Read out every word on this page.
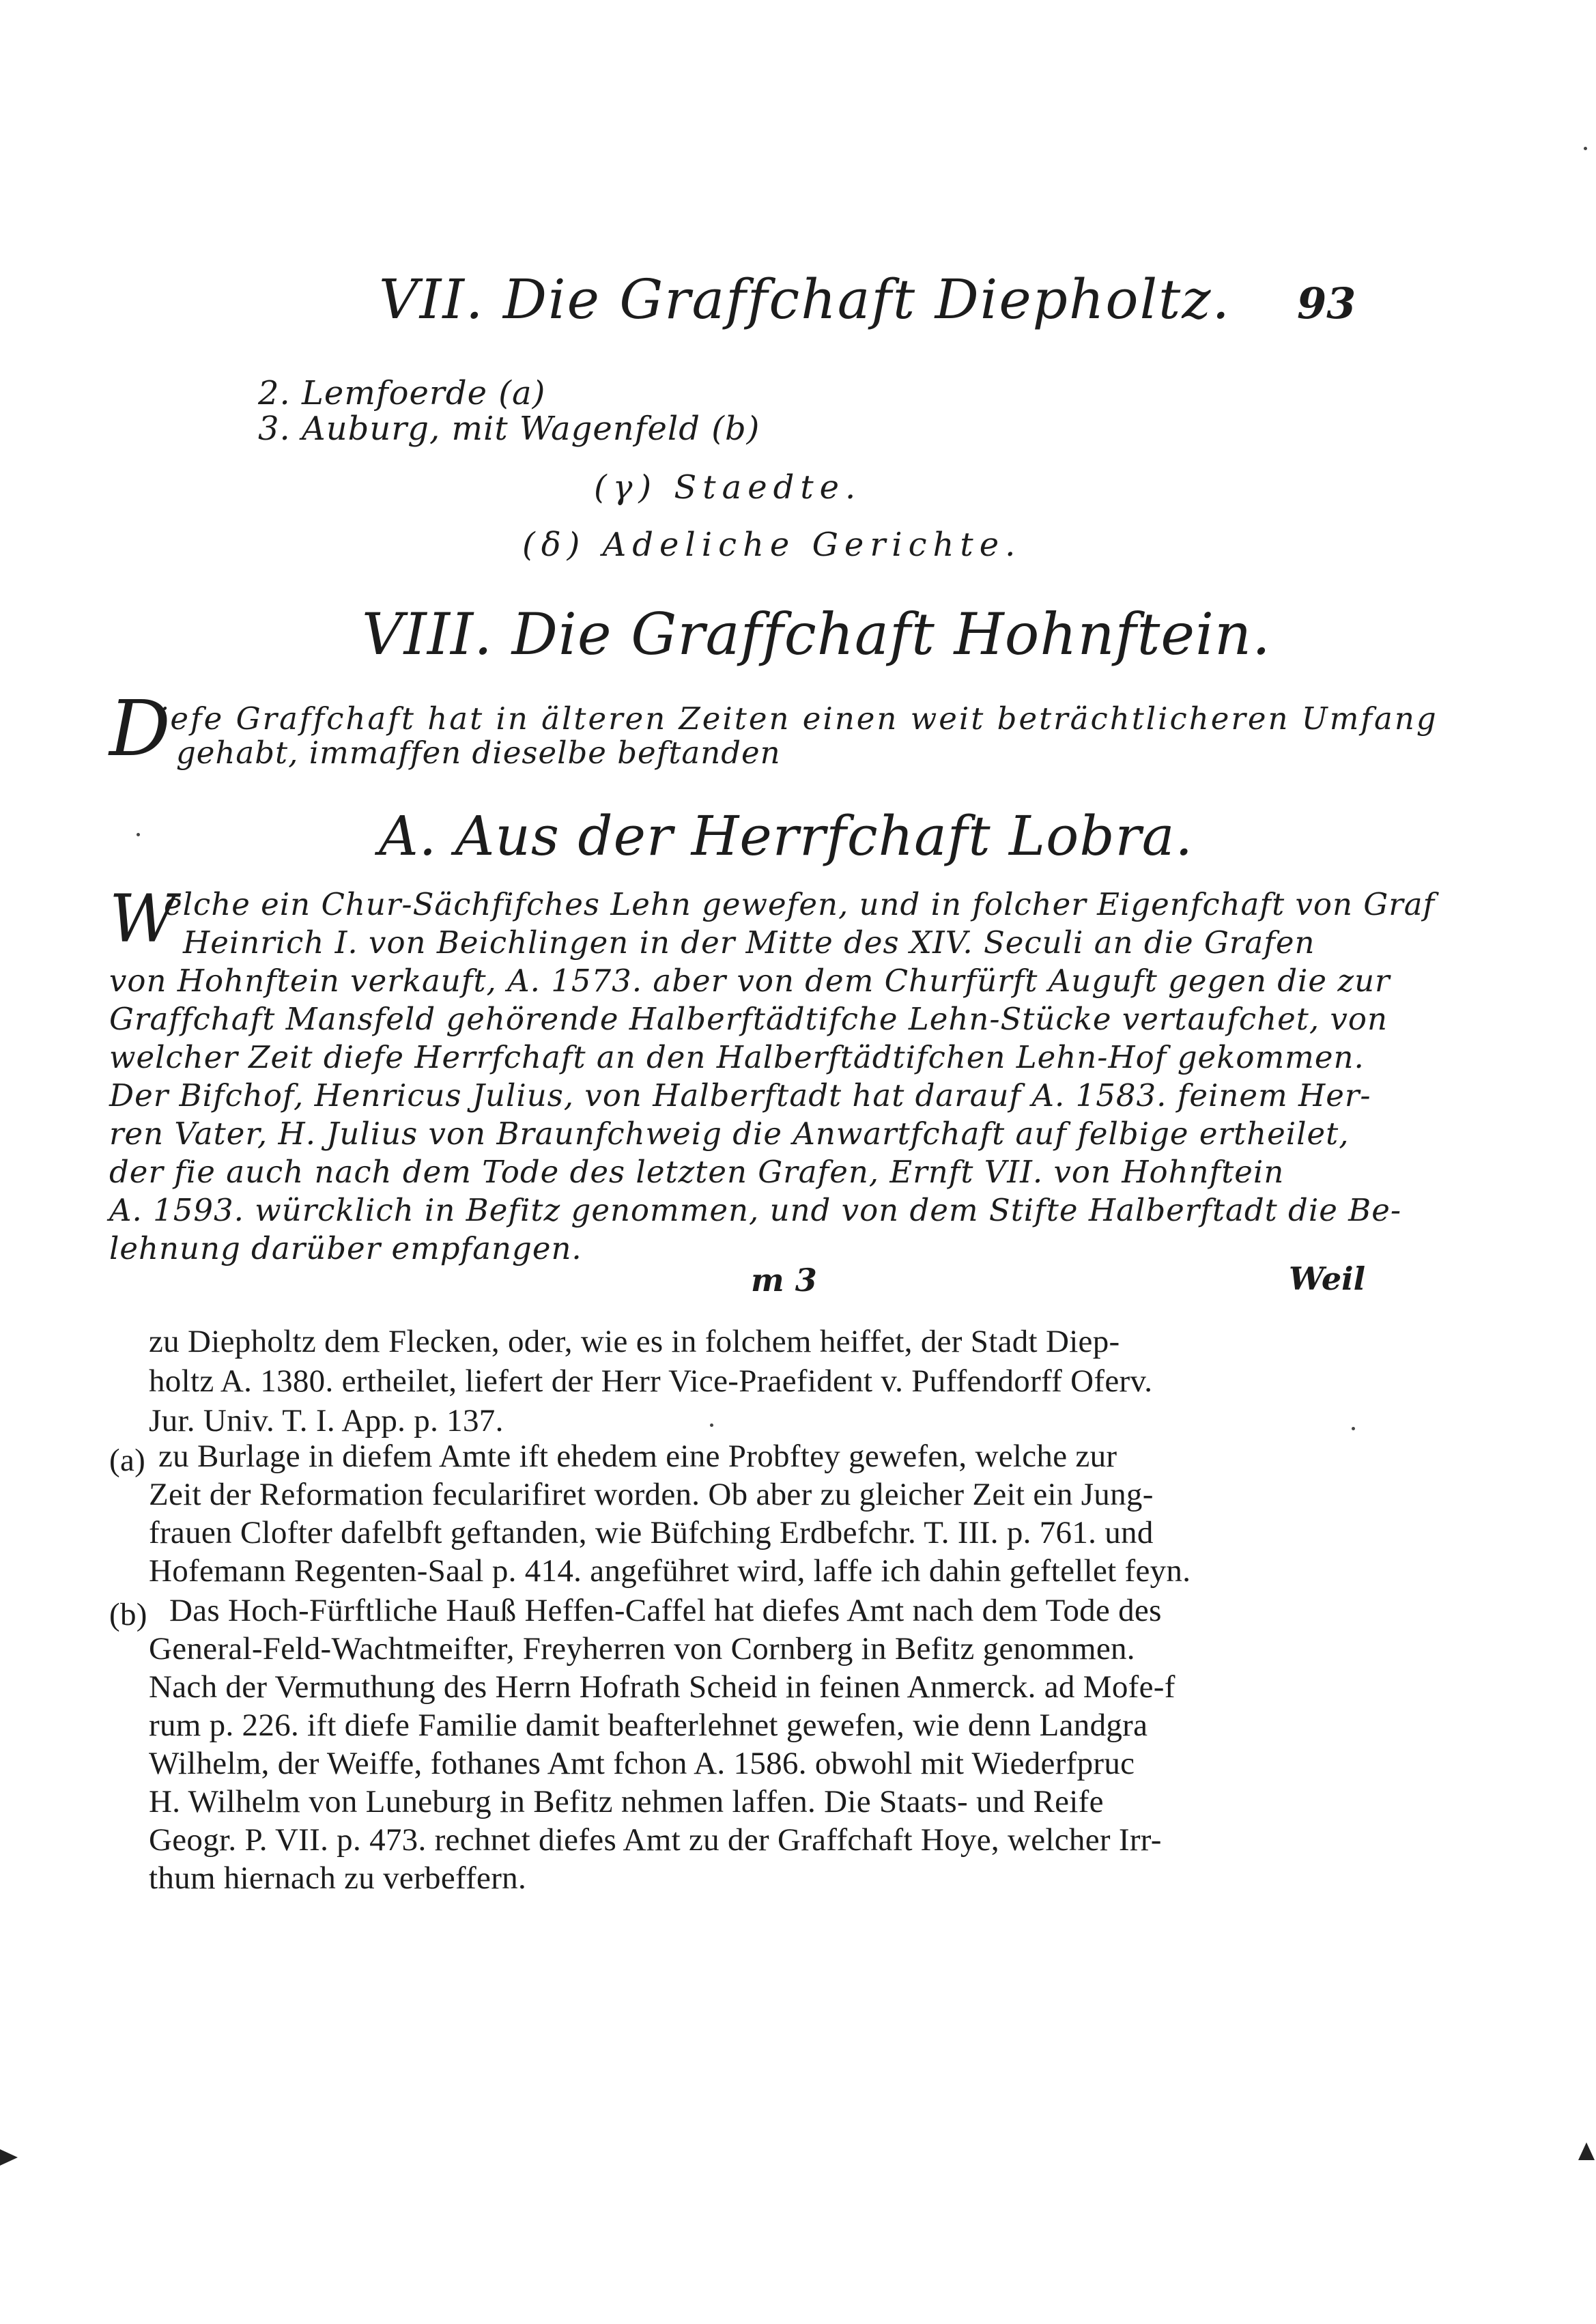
VII. Die Graffchaft Diepholtz. 93
2. Lemfoerde (a)
3. Auburg, mit Wagenfeld (b)
(γ) Staedte.
(δ) Adeliche Gerichte.
VIII. Die Graffchaft Hohnftein.
D
iefe Graffchaft hat in älteren Zeiten einen weit beträchtlicheren Umfang
gehabt, immaffen dieselbe beftanden
A. Aus der Herrfchaft Lobra.
W
elche ein Chur-Sächfifches Lehn gewefen, und in folcher Eigenfchaft von Graf
Heinrich I. von Beichlingen in der Mitte des XIV. Seculi an die Grafen
von Hohnftein verkauft, A. 1573. aber von dem Churfürft Auguft gegen die zur
Graffchaft Mansfeld gehörende Halberftädtifche Lehn-Stücke vertaufchet, von
welcher Zeit diefe Herrfchaft an den Halberftädtifchen Lehn-Hof gekommen.
Der Bifchof, Henricus Julius, von Halberftadt hat darauf A. 1583. feinem Her-
ren Vater, H. Julius von Braunfchweig die Anwartfchaft auf felbige ertheilet,
der fie auch nach dem Tode des letzten Grafen, Ernft VII. von Hohnftein
A. 1593. würcklich in Befitz genommen, und von dem Stifte Halberftadt die Be-
lehnung darüber empfangen.
m 3	Weil
zu Diepholtz dem Flecken, oder, wie es in folchem heiffet, der Stadt Diep-
holtz A. 1380. ertheilet, liefert der Herr Vice-Praefident v. Puffendorff Oferv.
Jur. Univ. T. I. App. p. 137.
(a) zu Burlage in diefem Amte ift ehedem eine Probftey gewefen, welche zur
Zeit der Reformation fecularifiret worden. Ob aber zu gleicher Zeit ein Jung-
frauen Clofter dafelbft geftanden, wie Büfching Erdbefchr. T. III. p. 761. und
Hofemann Regenten-Saal p. 414. angeführet wird, laffe ich dahin geftellet feyn.
(b) Das Hoch-Fürftliche Hauß Heffen-Caffel hat diefes Amt nach dem Tode des
General-Feld-Wachtmeifter, Freyherren von Cornberg in Befitz genommen.
Nach der Vermuthung des Herrn Hofrath Scheid in feinen Anmerck. ad Mofe-f
rum p. 226. ift diefe Familie damit beafterlehnet gewefen, wie denn Landgra
Wilhelm, der Weiffe, fothanes Amt fchon A. 1586. obwohl mit Wiederfpruc
H. Wilhelm von Luneburg in Befitz nehmen laffen. Die Staats- und Reife
Geogr. P. VII. p. 473. rechnet diefes Amt zu der Graffchaft Hoye, welcher Irr-
thum hiernach zu verbeffern.
